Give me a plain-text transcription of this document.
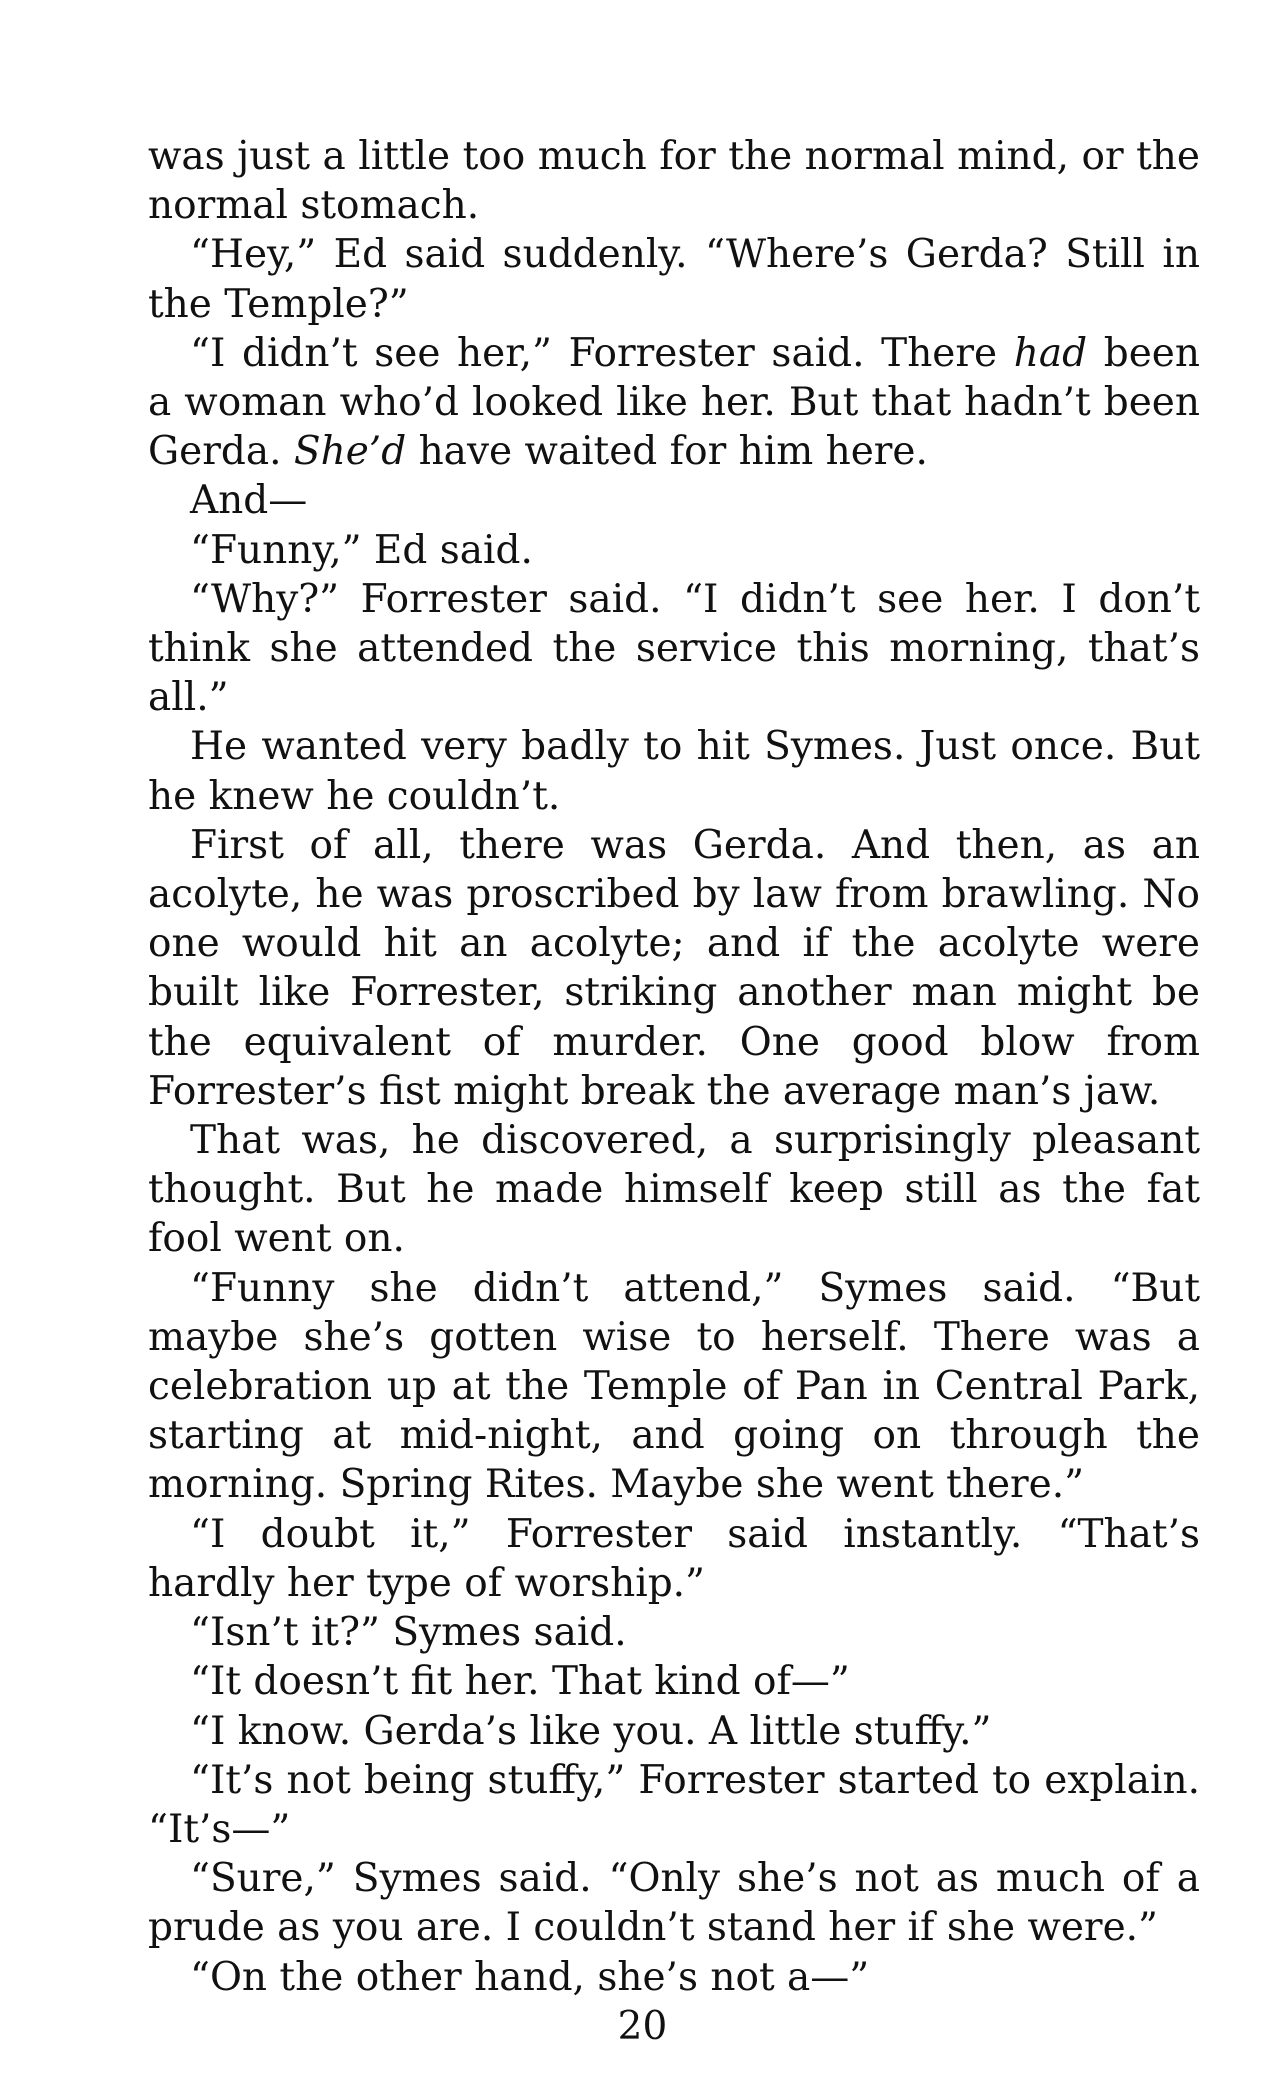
was just a little too much for the normal mind, or the normal stomach.

“Hey,” Ed said suddenly. “Where’s Gerda? Still in the Temple?”

“I didn’t see her,” Forrester said. There had been a woman who’d looked like her. But that hadn’t been Gerda. She’d have waited for him here.

And—

“Funny,” Ed said.

“Why?” Forrester said. “I didn’t see her. I don’t think she attended the service this morning, that’s all.”

He wanted very badly to hit Symes. Just once. But he knew he couldn’t.

First of all, there was Gerda. And then, as an acolyte, he was proscribed by law from brawling. No one would hit an acolyte; and if the acolyte were built like Forrester, striking another man might be the equivalent of murder. One good blow from Forrester’s fist might break the average man’s jaw.

That was, he discovered, a surprisingly pleasant thought. But he made himself keep still as the fat fool went on.

“Funny she didn’t attend,” Symes said. “But maybe she’s gotten wise to herself. There was a celebration up at the Temple of Pan in Central Park, starting at mid-night, and going on through the morning. Spring Rites. Maybe she went there.”

“I doubt it,” Forrester said instantly. “That’s hardly her type of worship.”

“Isn’t it?” Symes said.

“It doesn’t fit her. That kind of—”

“I know. Gerda’s like you. A little stuffy.”

“It’s not being stuffy,” Forrester started to explain. “It’s—”

“Sure,” Symes said. “Only she’s not as much of a prude as you are. I couldn’t stand her if she were.”

“On the other hand, she’s not a—”

20
